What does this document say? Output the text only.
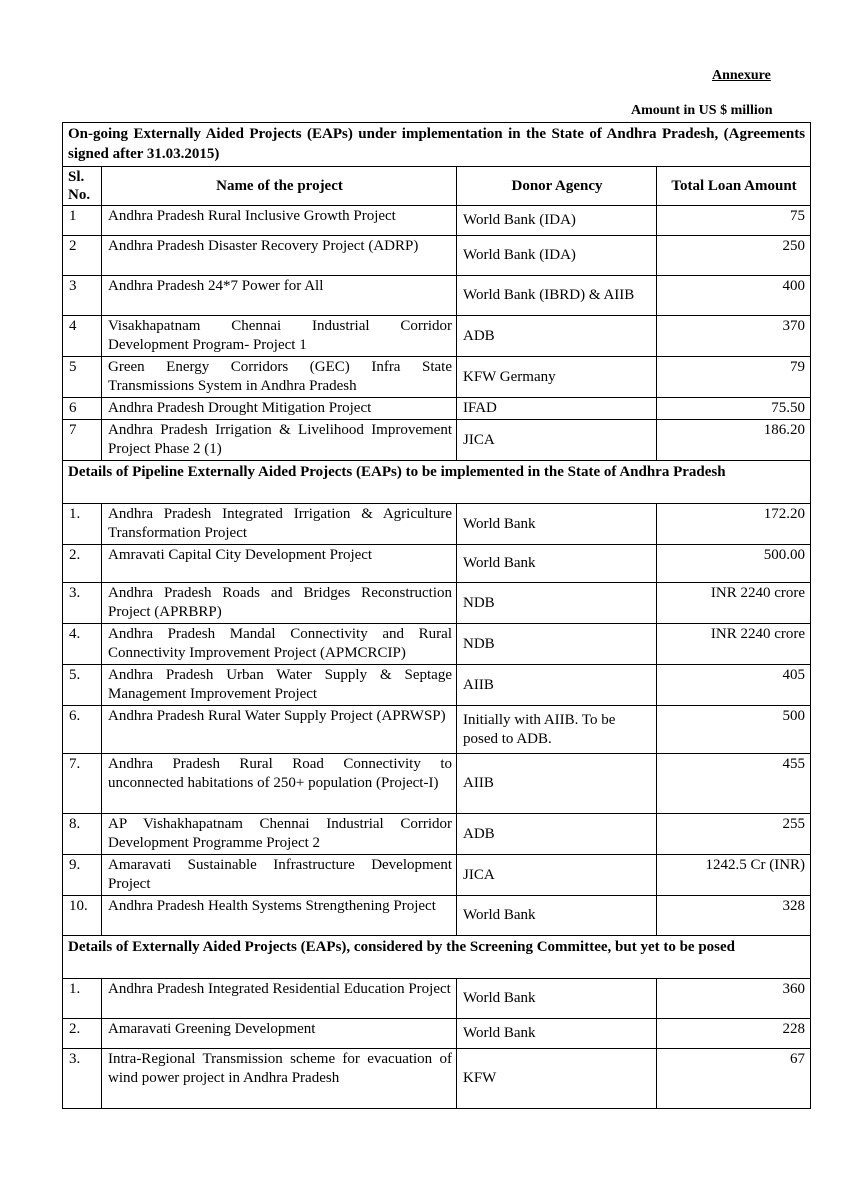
Annexure
Amount in US $ million
On-going Externally Aided Projects (EAPs) under implementation in the State of Andhra Pradesh, (Agreements signed after 31.03.2015)			
Sl. No.	Name of the project	Donor Agency	Total Loan Amount
1	Andhra Pradesh Rural Inclusive Growth Project	World Bank (IDA)	75
2	Andhra Pradesh Disaster Recovery Project (ADRP)	World Bank (IDA)	250
3	Andhra Pradesh 24*7 Power for All	World Bank (IBRD) & AIIB	400
4	Visakhapatnam Chennai Industrial Corridor Development Program- Project 1	ADB	370
5	Green Energy Corridors (GEC) Infra State Transmissions System in Andhra Pradesh	KFW Germany	79
6	Andhra Pradesh Drought Mitigation Project	IFAD	75.50
7	Andhra Pradesh Irrigation & Livelihood Improvement Project Phase 2 (1)	JICA	186.20
Details of Pipeline Externally Aided Projects (EAPs) to be implemented in the State of Andhra Pradesh			
1.	Andhra Pradesh Integrated Irrigation & Agriculture Transformation Project	World Bank	172.20
2.	Amravati Capital City Development Project	World Bank	500.00
3.	Andhra Pradesh Roads and Bridges Reconstruction Project (APRBRP)	NDB	INR 2240 crore
4.	Andhra Pradesh Mandal Connectivity and Rural Connectivity Improvement Project (APMCRCIP)	NDB	INR 2240 crore
5.	Andhra Pradesh Urban Water Supply & Septage Management Improvement Project	AIIB	405
6.	Andhra Pradesh Rural Water Supply Project (APRWSP)	Initially with AIIB. To be posed to ADB.	500
7.	Andhra Pradesh Rural Road Connectivity to unconnected habitations of 250+ population (Project-I)	AIIB	455
8.	AP Vishakhapatnam Chennai Industrial Corridor Development Programme Project 2	ADB	255
9.	Amaravati Sustainable Infrastructure Development Project	JICA	1242.5 Cr (INR)
10.	Andhra Pradesh Health Systems Strengthening Project	World Bank	328
Details of Externally Aided Projects (EAPs), considered by the Screening Committee, but yet to be posed			
1.	Andhra Pradesh Integrated Residential Education Project	World Bank	360
2.	Amaravati Greening Development	World Bank	228
3.	Intra-Regional Transmission scheme for evacuation of wind power project in Andhra Pradesh	KFW	67
